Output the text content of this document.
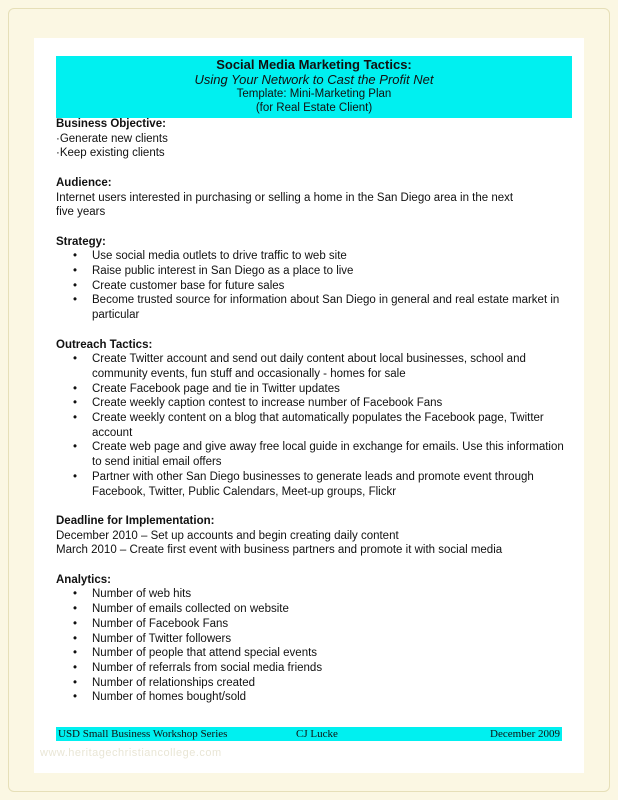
Social Media Marketing Tactics:
Using Your Network to Cast the Profit Net
Template: Mini-Marketing Plan
(for Real Estate Client)
Business Objective:
·Generate new clients
·Keep existing clients
Audience:
Internet users interested in purchasing or selling a home in the San Diego area in the next
five years
Strategy:
• Use social media outlets to drive traffic to web site
• Raise public interest in San Diego as a place to live
• Create customer base for future sales
• Become trusted source for information about San Diego in general and real estate market in particular
Outreach Tactics:
• Create Twitter account and send out daily content about local businesses, school and community events, fun stuff and occasionally - homes for sale
• Create Facebook page and tie in Twitter updates
• Create weekly caption contest to increase number of Facebook Fans
• Create weekly content on a blog that automatically populates the Facebook page, Twitter account
• Create web page and give away free local guide in exchange for emails. Use this information to send initial email offers
• Partner with other San Diego businesses to generate leads and promote event through Facebook, Twitter, Public Calendars, Meet-up groups, Flickr
Deadline for Implementation:
December 2010 – Set up accounts and begin creating daily content
March 2010 – Create first event with business partners and promote it with social media
Analytics:
• Number of web hits
• Number of emails collected on website
• Number of Facebook Fans
• Number of Twitter followers
• Number of people that attend special events
• Number of referrals from social media friends
• Number of relationships created
• Number of homes bought/sold
USD Small Business Workshop Series	CJ Lucke	December 2009
www.heritagechristiancollege.com
